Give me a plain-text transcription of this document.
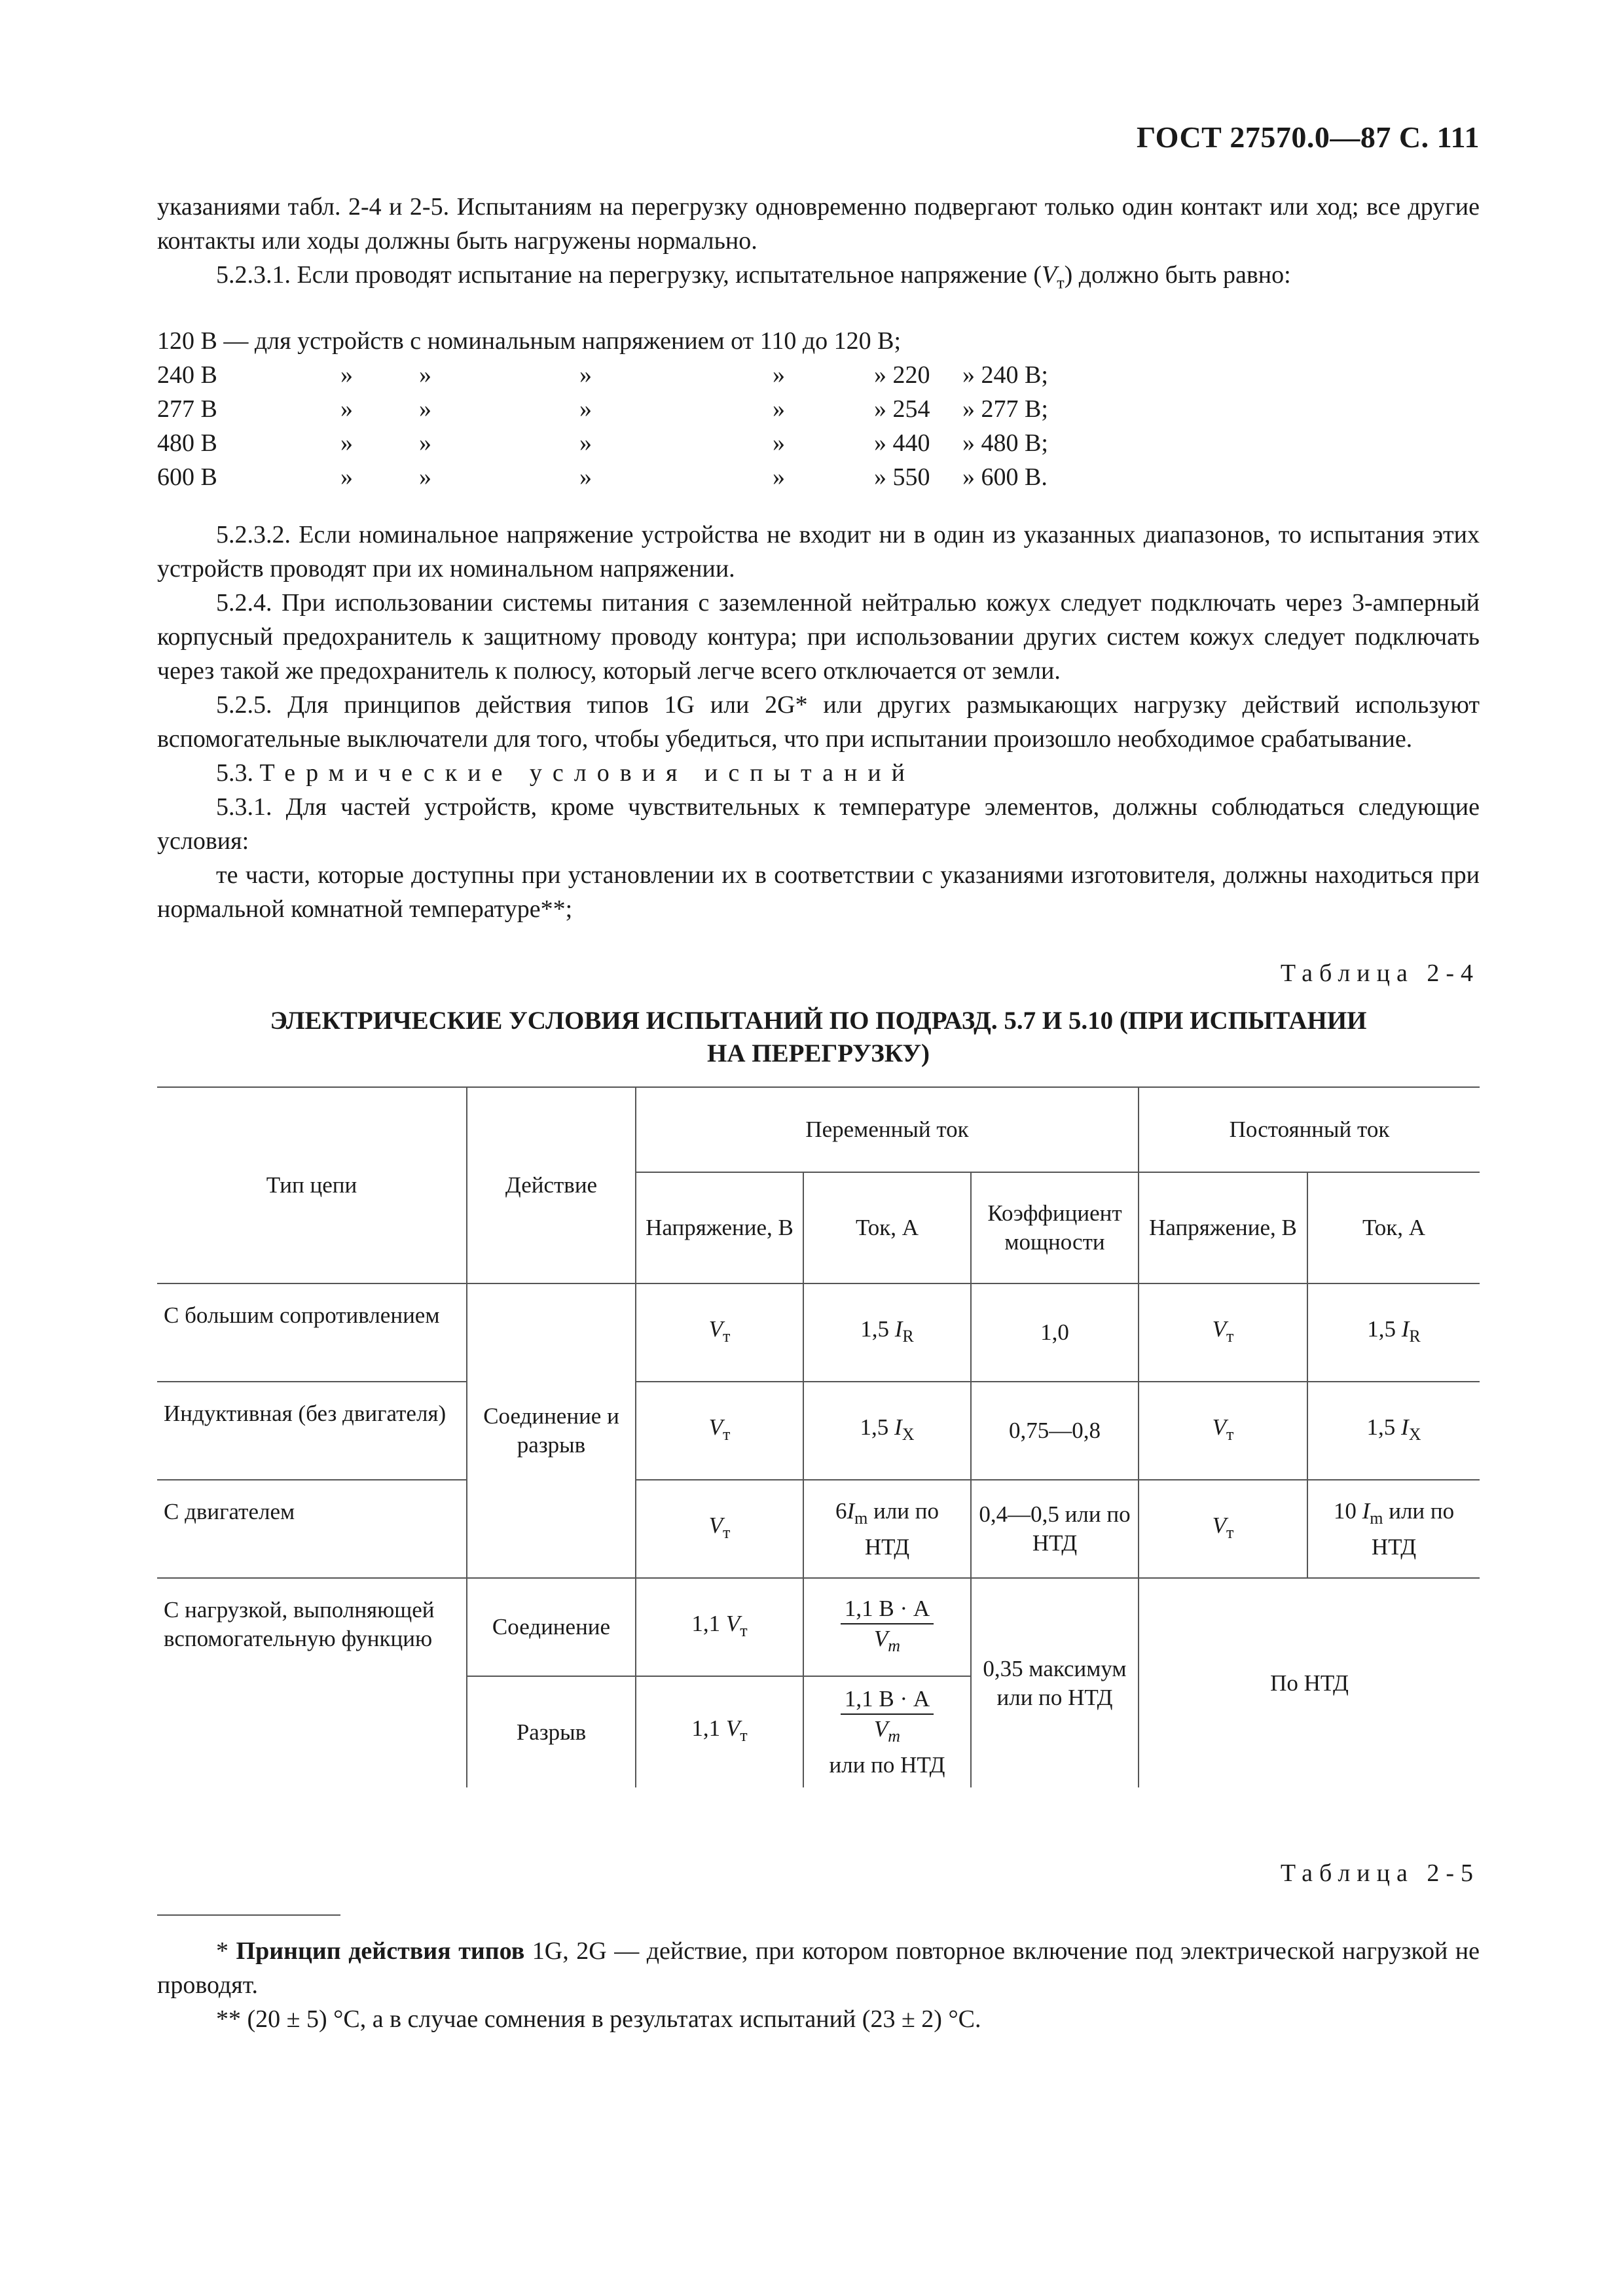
ГОСТ 27570.0—87 С. 111

указаниями табл. 2-4 и 2-5. Испытаниям на перегрузку одновременно подвергают только один контакт или ход; все другие контакты или ходы должны быть нагружены нормально.

5.2.3.1. Если проводят испытание на перегрузку, испытательное напряжение $(V_т)$ должно быть равно:

120 В — для устройств с номинальным напряжением от 110 до 120 В;
240 В	»	»	»	»	» 220 » 240 В;
277 В	»	»	»	»	» 254 » 277 В;
480 В	»	»	»	»	» 440 » 480 В;
600 В	»	»	»	»	» 550 » 600 В.

5.2.3.2. Если номинальное напряжение устройства не входит ни в один из указанных диапазонов, то испытания этих устройств проводят при их номинальном напряжении.

5.2.4. При использовании системы питания с заземленной нейтралью кожух следует подключать через 3-амперный корпусный предохранитель к защитному проводу контура; при использовании других систем кожух следует подключать через такой же предохранитель к полюсу, который легче всего отключается от земли.

5.2.5. Для принципов действия типов 1G или 2G* или других размыкающих нагрузку действий используют вспомогательные выключатели для того, чтобы убедиться, что при испытании произошло необходимое срабатывание.

5.3. Термические условия испытаний

5.3.1. Для частей устройств, кроме чувствительных к температуре элементов, должны соблюдаться следующие условия:

те части, которые доступны при установлении их в соответствии с указаниями изготовителя, должны находиться при нормальной комнатной температуре**;

Таблица 2-4
ЭЛЕКТРИЧЕСКИЕ УСЛОВИЯ ИСПЫТАНИЙ ПО ПОДРАЗД. 5.7 И 5.10 (ПРИ ИСПЫТАНИИ
НА ПЕРЕГРУЗКУ)
Тип цепи	Действие	Переменный ток			Постоянный ток	
		Напряжение, В	Ток, А	Коэффициент мощности	Напряжение, В	Ток, А
С большим сопротивлением	Соединение и разрыв	$V_т$	1,5 $I_R$	1,0	$V_т$	1,5 $I_R$
Индуктивная (без двигателя)		$V_т$	1,5 $I_X$	0,75—0,8	$V_т$	1,5 $I_X$
С двигателем		$V_т$	$6I_m$ или по НТД	0,4—0,5 или по НТД	$V_т$	10 $I_m$ или по НТД
С нагрузкой, выполняющей вспомогательную функцию	Соединение	1,1 $V_т$	$\frac{1,1 В \cdot А}{V_т}$	0,35 максимум или по НТД	По НТД	
	Разрыв	1,1 $V_т$	$\frac{1,1 В \cdot А}{V_т}$
или по НТД			
Таблица 2-5

* Принцип действия типов 1G, 2G — действие, при котором повторное включение под электрической нагрузкой не проводят.

** (20 ± 5) °С, а в случае сомнения в результатах испытаний (23 ± 2) °С.
